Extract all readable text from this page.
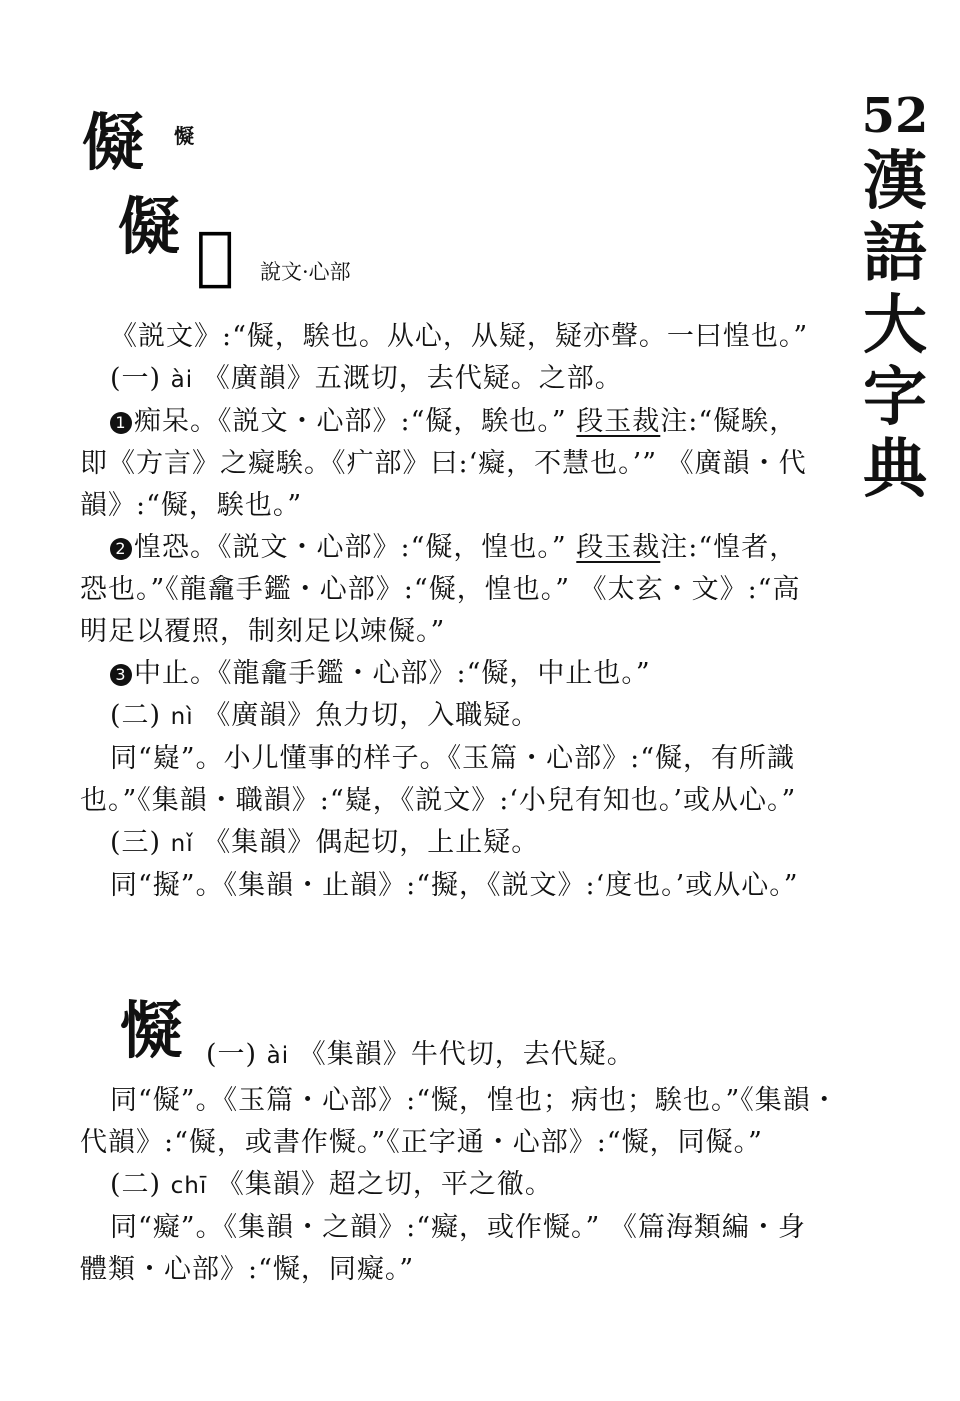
52
漢
語
大
字
典
儗 懝
儗 𢘝 說文·心部
《説文》:“儗，騃也。从心，从疑，疑亦聲。一曰惶也。”
(一) ài 《廣韻》五溉切，去代疑。之部。
1 痴呆。《説文・心部》:“儗，騃也。” 段玉裁注:“儗騃，
即《方言》之癡騃。《疒部》曰:‘癡，不慧也。’” 《廣韻・代
韻》:“儗，騃也。”
2 惶恐。《説文・心部》:“儗，惶也。” 段玉裁注:“惶者，
恐也。”《龍龕手鑑・心部》:“儗，惶也。” 《太玄・文》:“高
明足以覆照，制刻足以竦儗。”
3 中止。《龍龕手鑑・心部》:“儗，中止也。”
(二) nì 《廣韻》魚力切，入職疑。
同“嶷”。小儿懂事的样子。《玉篇・心部》:“儗，有所識
也。”《集韻・職韻》:“嶷，《説文》:‘小兒有知也。’或从心。”
(三) nǐ 《集韻》偶起切，上止疑。
同“擬”。《集韻・止韻》:“擬，《説文》:‘度也。’或从心。”
懝 (一) ài 《集韻》牛代切，去代疑。
同“儗”。《玉篇・心部》:“懝，惶也；病也；騃也。”《集韻・
代韻》:“儗，或書作懝。”《正字通・心部》:“懝，同儗。”
(二) chī 《集韻》超之切，平之徹。
同“癡”。《集韻・之韻》:“癡，或作懝。” 《篇海類編・身
體類・心部》:“懝，同癡。”
